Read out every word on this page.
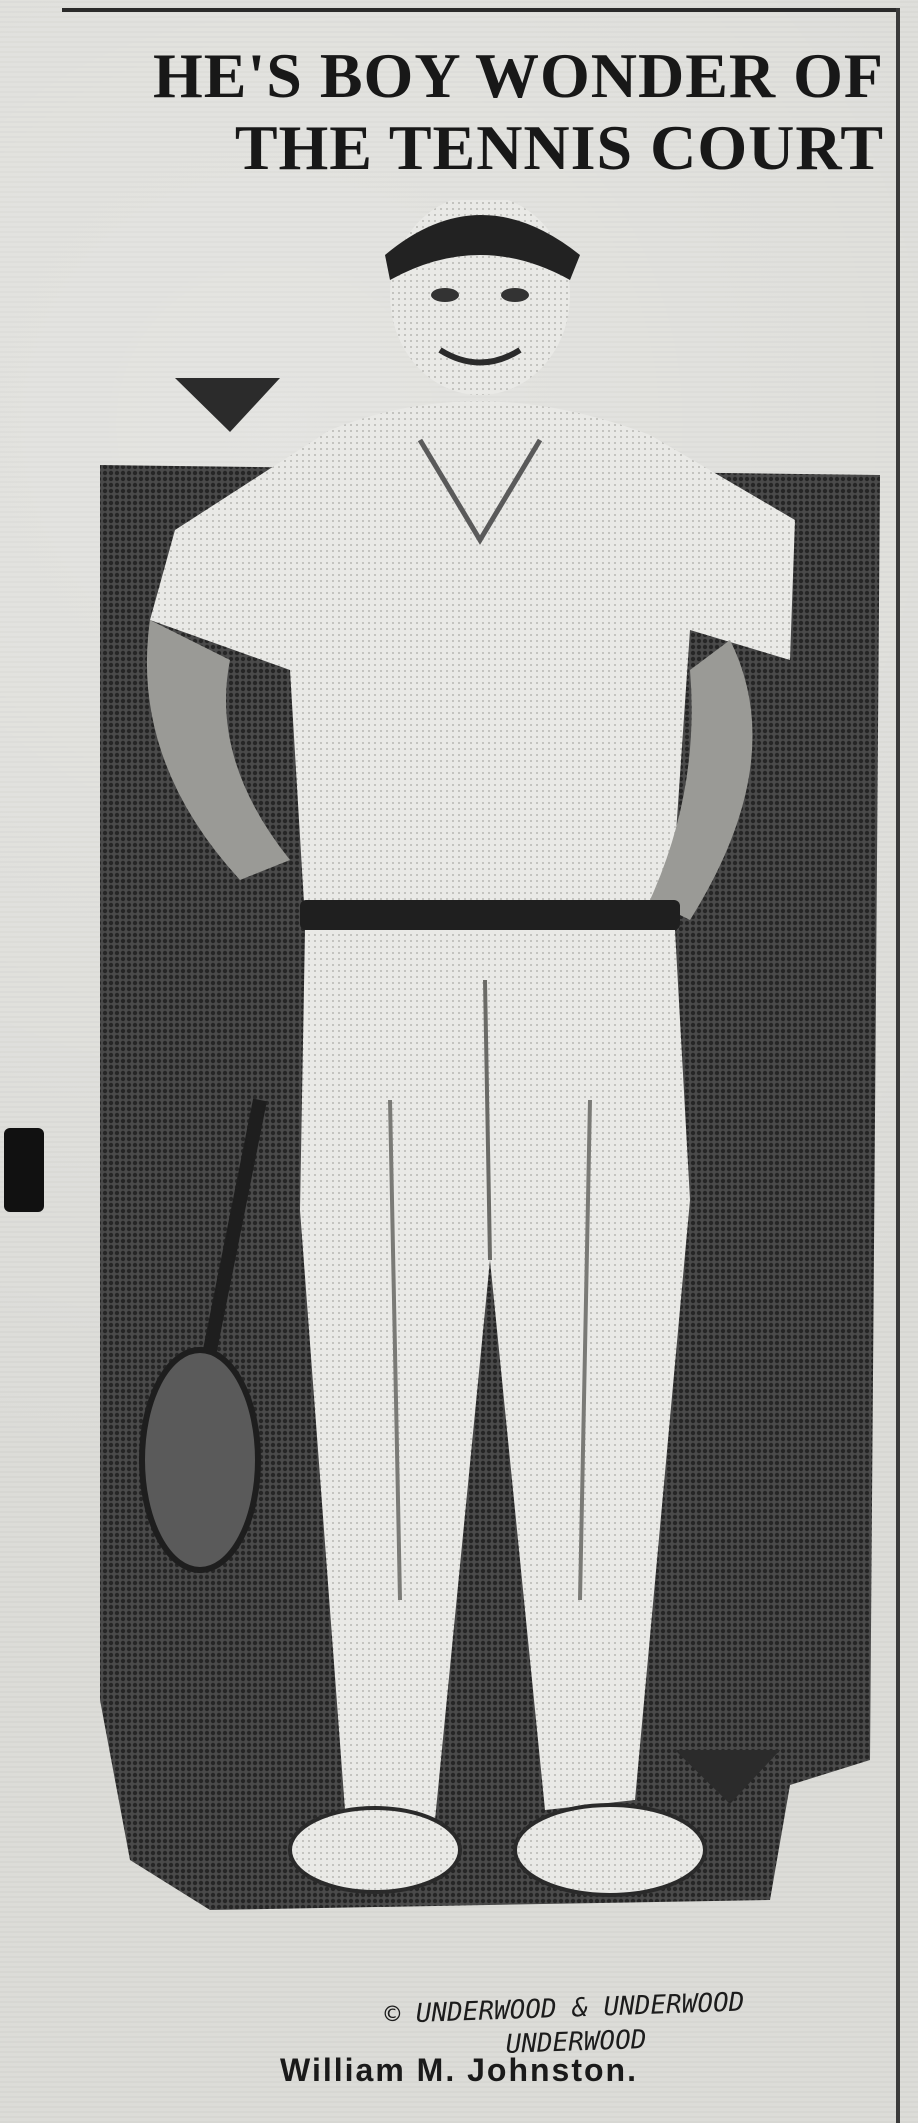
HE'S BOY WONDER OF
THE TENNIS COURT
© UNDERWOOD & UNDERWOOD
UNDERWOOD
William M. Johnston.
